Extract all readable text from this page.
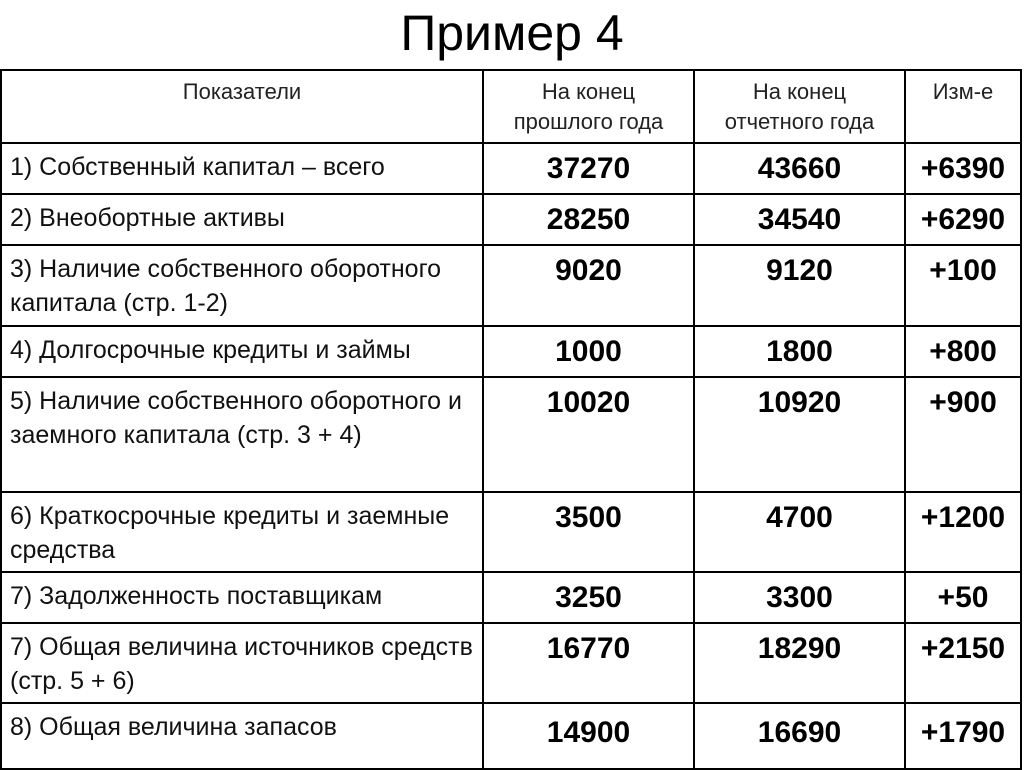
Пример 4
Показатели	На конец прошлого года	На конец отчетного года	Изм-е
1) Собственный капитал – всего	37270	43660	+6390
2) Внеобортные активы	28250	34540	+6290
3) Наличие собственного оборотного капитала (стр. 1-2)	9020	9120	+100
4) Долгосрочные кредиты и займы	1000	1800	+800
5) Наличие собственного оборотного и заемного капитала (стр. 3 + 4)	10020	10920	+900
6) Краткосрочные кредиты и заемные средства	3500	4700	+1200
7) Задолженность поставщикам	3250	3300	+50
7) Общая величина источников средств (стр. 5 + 6)	16770	18290	+2150
8) Общая величина запасов	14900	16690	+1790
